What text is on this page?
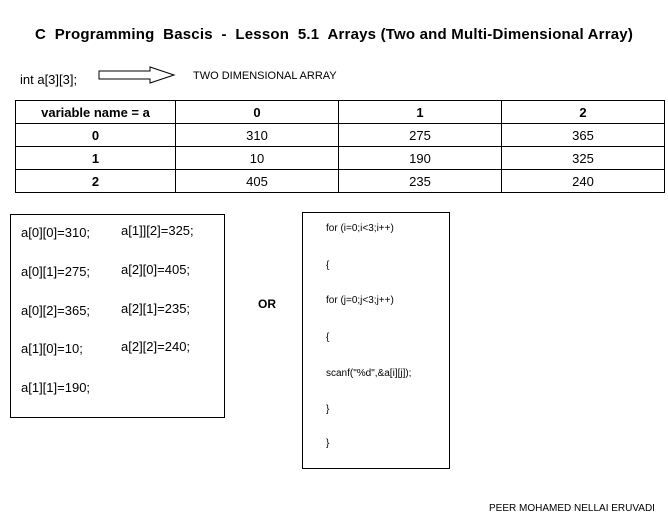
C  Programming  Bascis  -  Lesson  5.1  Arrays (Two and Multi-Dimensional Array)
int a[3][3];	TWO DIMENSIONAL ARRAY
variable name = a	0	1	2
0	310	275	365
1	10	190	325
2	405	235	240
a[0][0]=310;
a[0][1]=275;
a[0][2]=365;
a[1][0]=10;
a[1][1]=190;
a[1]][2]=325;
a[2][0]=405;
a[2][1]=235;
a[2][2]=240;
OR
for (i=0;i<3;i++)
{
for (j=0;j<3;j++)
{
scanf("%d",&a[i][j]);
}
}
PEER MOHAMED NELLAI ERUVADI
